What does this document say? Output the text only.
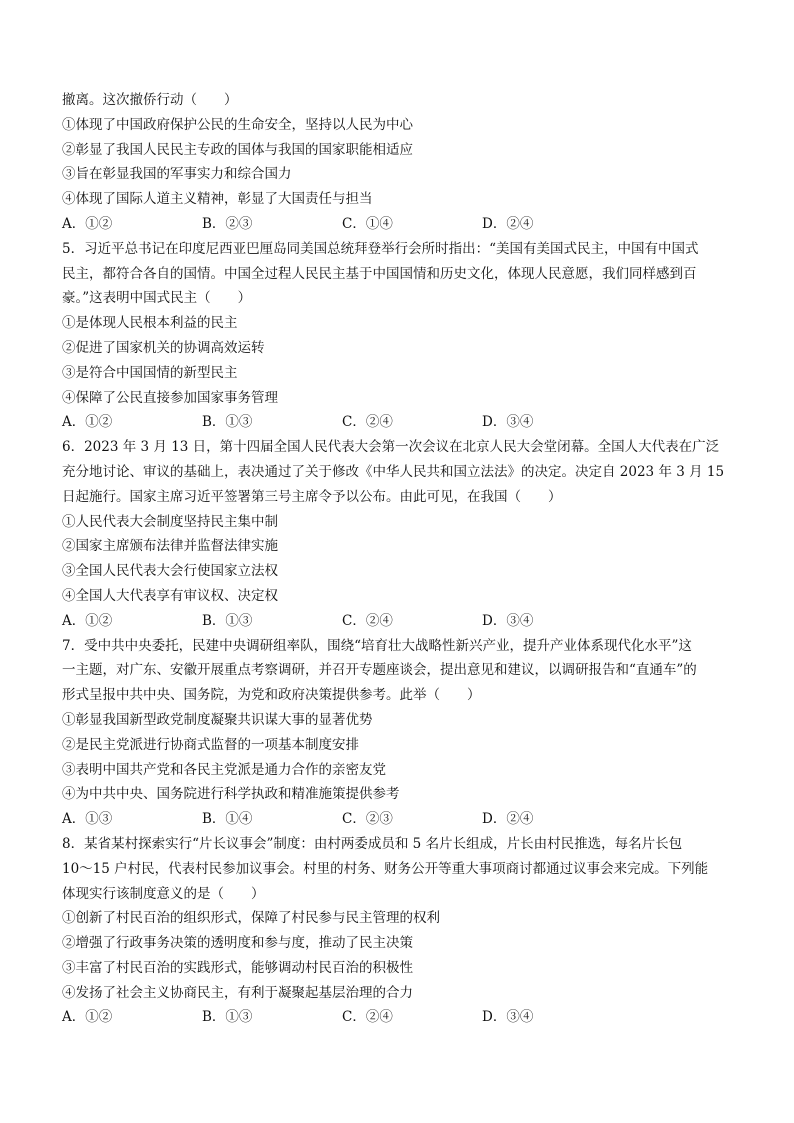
撤离。这次撤侨行动（　　）
①体现了中国政府保护公民的生命安全，坚持以人民为中心
②彰显了我国人民民主专政的国体与我国的国家职能相适应
③旨在彰显我国的军事实力和综合国力
④体现了国际人道主义精神，彰显了大国责任与担当
A．①②	B．②③	C．①④	D．②④
5．习近平总书记在印度尼西亚巴厘岛同美国总统拜登举行会所时指出：“美国有美国式民主，中国有中国式
民主，都符合各自的国情。中国全过程人民民主基于中国国情和历史文化，体现人民意愿，我们同样感到百
豪。”这表明中国式民主（　　）
①是体现人民根本利益的民主
②促进了国家机关的协调高效运转
③是符合中国国情的新型民主
④保障了公民直接参加国家事务管理
A．①②	B．①③	C．②④	D．③④
6．2023 年 3 月 13 日，第十四届全国人民代表大会第一次会议在北京人民大会堂闭幕。全国人大代表在广泛
充分地讨论、审议的基础上，表决通过了关于修改《中华人民共和国立法法》的决定。决定自 2023 年 3 月 15
日起施行。国家主席习近平签署第三号主席令予以公布。由此可见，在我国（　　）
①人民代表大会制度坚持民主集中制
②国家主席颁布法律并监督法律实施
③全国人民代表大会行使国家立法权
④全国人大代表享有审议权、决定权
A．①②	B．①③	C．②④	D．③④
7．受中共中央委托，民建中央调研组率队，围绕“培育壮大战略性新兴产业，提升产业体系现代化水平”这
一主题，对广东、安徽开展重点考察调研，并召开专题座谈会，提出意见和建议，以调研报告和“直通车”的
形式呈报中共中央、国务院，为党和政府决策提供参考。此举（　　）
①彰显我国新型政党制度凝聚共识谋大事的显著优势
②是民主党派进行协商式监督的一项基本制度安排
③表明中国共产党和各民主党派是通力合作的亲密友党
④为中共中央、国务院进行科学执政和精准施策提供参考
A．①③	B．①④	C．②③	D．②④
8．某省某村探索实行“片长议事会”制度：由村两委成员和 5 名片长组成，片长由村民推选，每名片长包
10～15 户村民，代表村民参加议事会。村里的村务、财务公开等重大事项商讨都通过议事会来完成。下列能
体现实行该制度意义的是（　　）
①创新了村民百治的组织形式，保障了村民参与民主管理的权利
②增强了行政事务决策的透明度和参与度，推动了民主决策
③丰富了村民百治的实践形式，能够调动村民百治的积极性
④发扬了社会主义协商民主，有利于凝聚起基层治理的合力
A．①②	B．①③	C．②④	D．③④
